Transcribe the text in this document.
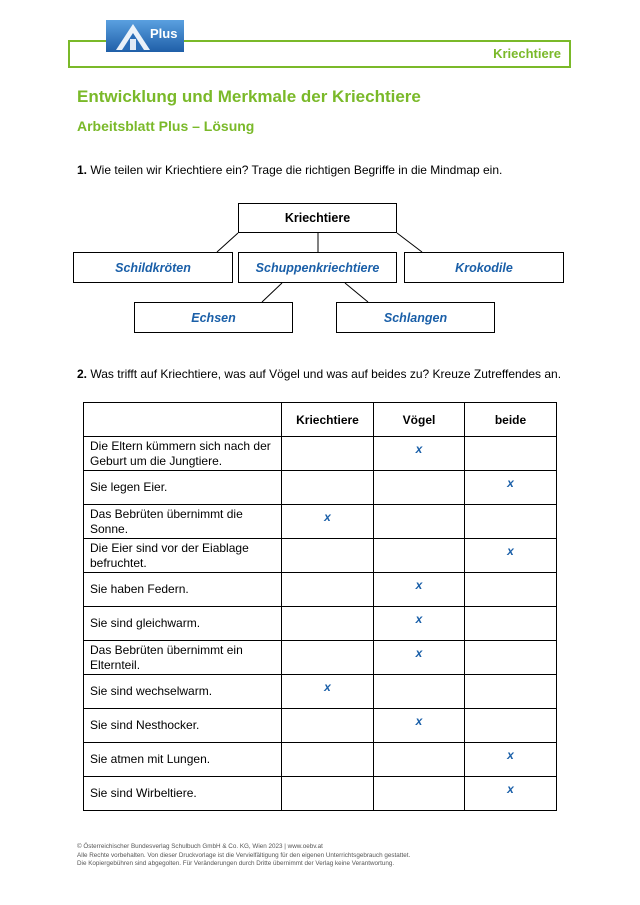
Kriechtiere
Plus
Entwicklung und Merkmale der Kriechtiere
Arbeitsblatt Plus – Lösung
1. Wie teilen wir Kriechtiere ein? Trage die richtigen Begriffe in die Mindmap ein.
Kriechtiere
Schildkröten	Schuppenkriechtiere	Krokodile
Echsen	Schlangen
2. Was trifft auf Kriechtiere, was auf Vögel und was auf beides zu? Kreuze Zutreffendes an.
	Kriechtiere	Vögel	beide
Die Eltern kümmern sich nach der Geburt um die Jungtiere.		x	
Sie legen Eier.			x
Das Bebrüten übernimmt die Sonne.	x		
Die Eier sind vor der Eiablage befruchtet.			x
Sie haben Federn.		x	
Sie sind gleichwarm.		x	
Das Bebrüten übernimmt ein Elternteil.		x	
Sie sind wechselwarm.	x		
Sie sind Nesthocker.		x	
Sie atmen mit Lungen.			x
Sie sind Wirbeltiere.			x
© Österreichischer Bundesverlag Schulbuch GmbH & Co. KG, Wien 2023 | www.oebv.at
Alle Rechte vorbehalten. Von dieser Druckvorlage ist die Vervielfältigung für den eigenen Unterrichtsgebrauch gestattet.
Die Kopiergebühren sind abgegolten. Für Veränderungen durch Dritte übernimmt der Verlag keine Verantwortung.
